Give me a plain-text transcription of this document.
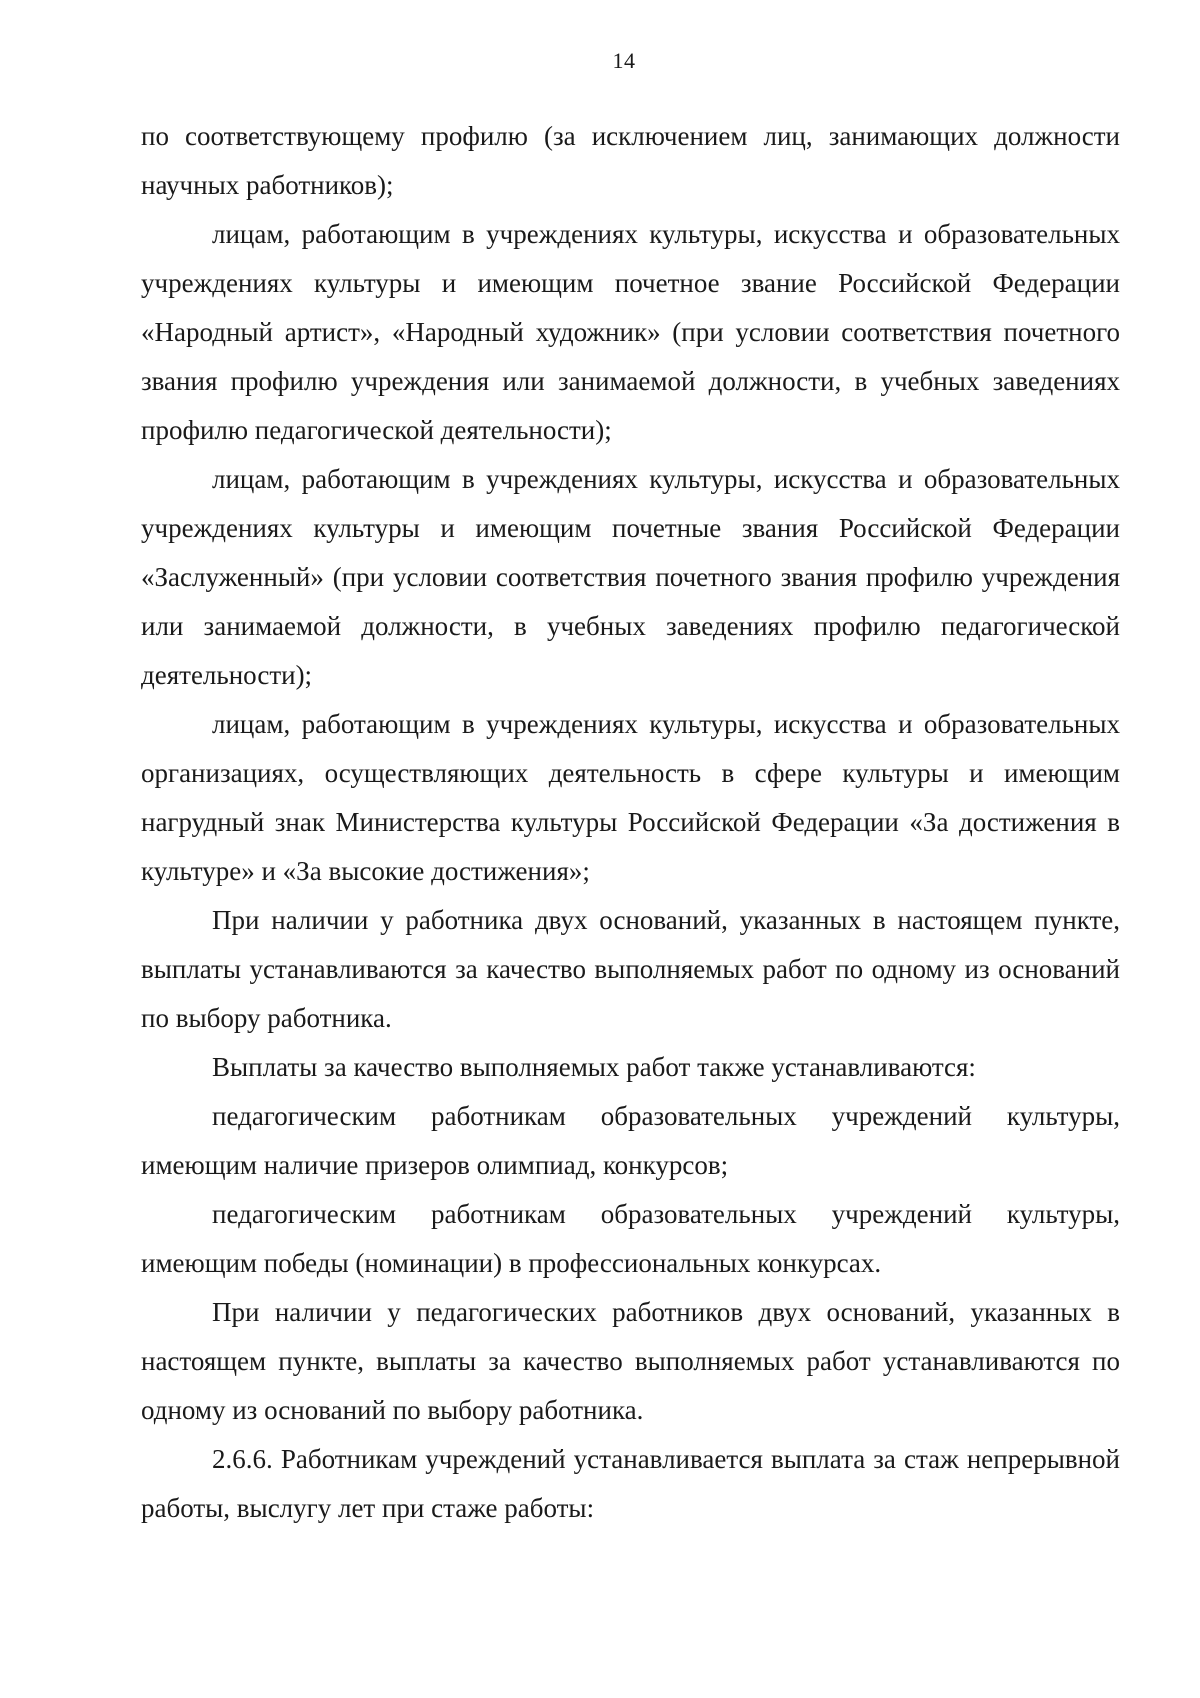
14

по соответствующему профилю (за исключением лиц, занимающих должности научных работников);

лицам, работающим в учреждениях культуры, искусства и образовательных учреждениях культуры и имеющим почетное звание Российской Федерации «Народный артист», «Народный художник» (при условии соответствия почетного звания профилю учреждения или занимаемой должности, в учебных заведениях профилю педагогической деятельности);

лицам, работающим в учреждениях культуры, искусства и образовательных учреждениях культуры и имеющим почетные звания Российской Федерации «Заслуженный» (при условии соответствия почетного звания профилю учреждения или занимаемой должности, в учебных заведениях профилю педагогической деятельности);

лицам, работающим в учреждениях культуры, искусства и образовательных организациях, осуществляющих деятельность в сфере культуры и имеющим нагрудный знак Министерства культуры Российской Федерации «За достижения в культуре» и «За высокие достижения»;

При наличии у работника двух оснований, указанных в настоящем пункте, выплаты устанавливаются за качество выполняемых работ по одному из оснований по выбору работника.

Выплаты за качество выполняемых работ также устанавливаются:

педагогическим работникам образовательных учреждений культуры, имеющим наличие призеров олимпиад, конкурсов;

педагогическим работникам образовательных учреждений культуры, имеющим победы (номинации) в профессиональных конкурсах.

При наличии у педагогических работников двух оснований, указанных в настоящем пункте, выплаты за качество выполняемых работ устанавливаются по одному из оснований по выбору работника.

2.6.6. Работникам учреждений устанавливается выплата за стаж непрерывной работы, выслугу лет при стаже работы:
